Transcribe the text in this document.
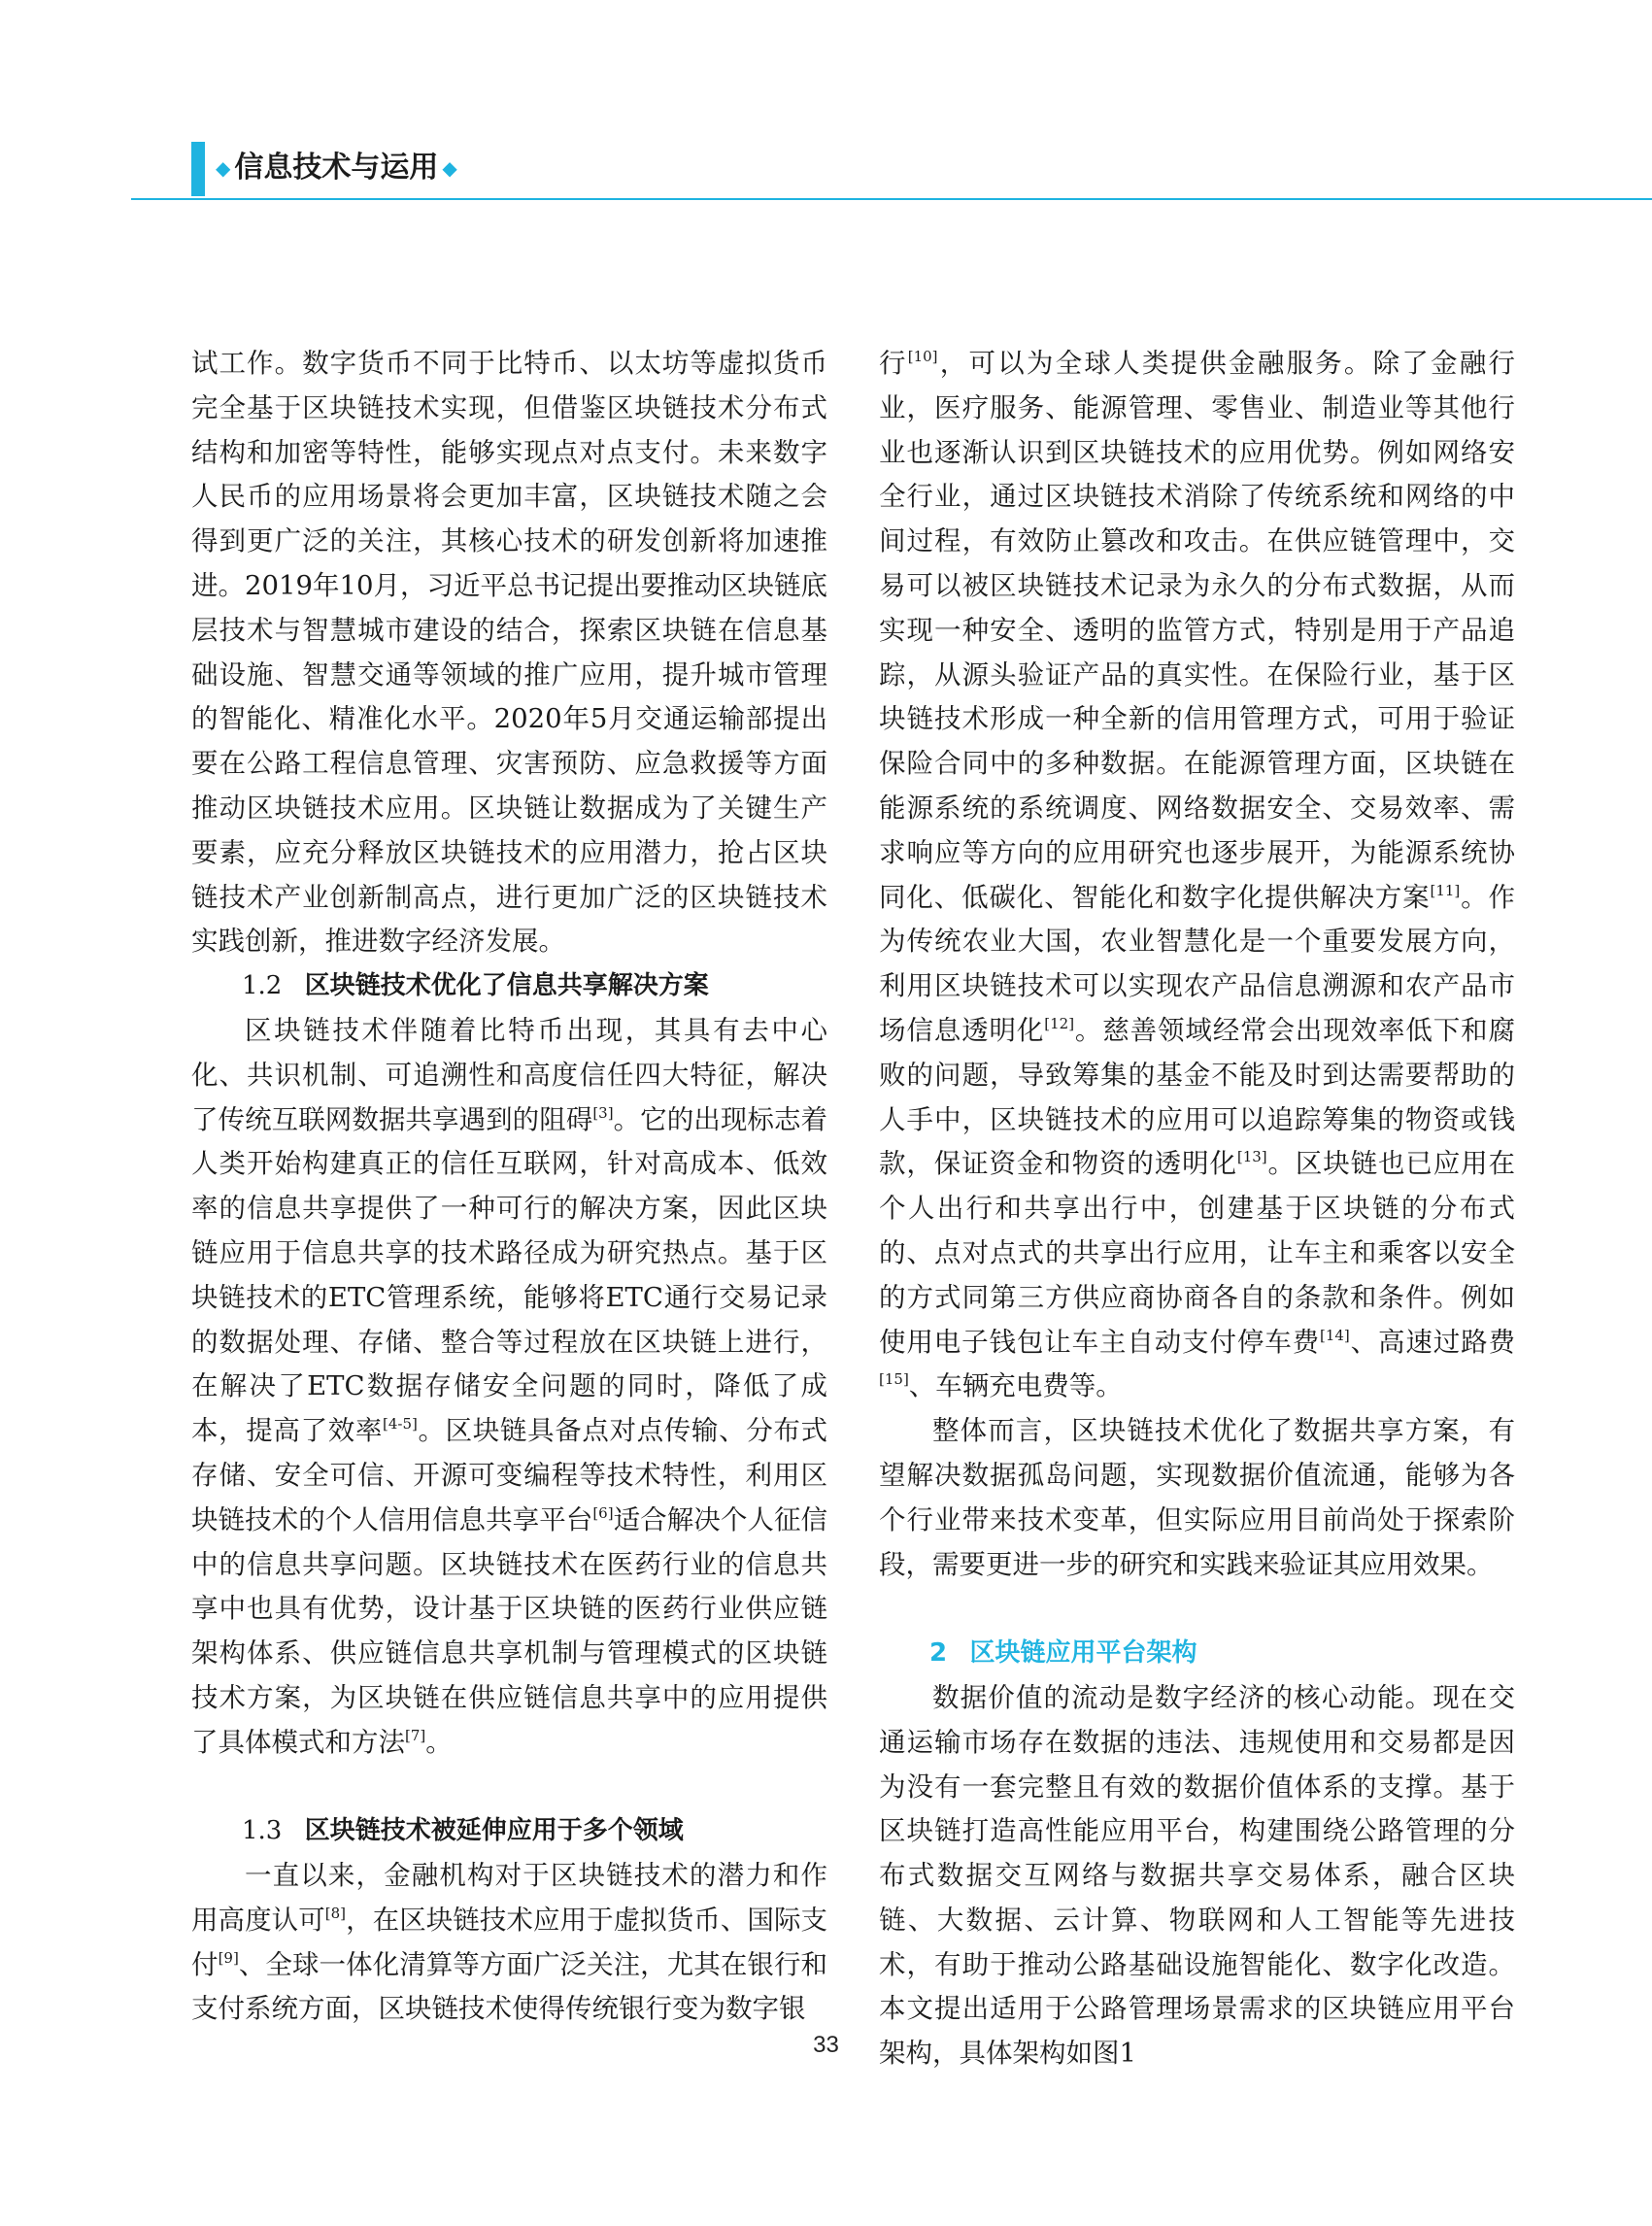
◆ 信息技术与运用 ◆

试工作。数字货币不同于比特币、以太坊等虚拟货币完全基于区块链技术实现，但借鉴区块链技术分布式结构和加密等特性，能够实现点对点支付。未来数字人民币的应用场景将会更加丰富，区块链技术随之会得到更广泛的关注，其核心技术的研发创新将加速推进。2019年10月，习近平总书记提出要推动区块链底层技术与智慧城市建设的结合，探索区块链在信息基础设施、智慧交通等领域的推广应用，提升城市管理的智能化、精准化水平。2020年5月交通运输部提出要在公路工程信息管理、灾害预防、应急救援等方面推动区块链技术应用。区块链让数据成为了关键生产要素，应充分释放区块链技术的应用潜力，抢占区块链技术产业创新制高点，进行更加广泛的区块链技术实践创新，推进数字经济发展。

1.2 区块链技术优化了信息共享解决方案

区块链技术伴随着比特币出现，其具有去中心化、共识机制、可追溯性和高度信任四大特征，解决了传统互联网数据共享遇到的阻碍[3]。它的出现标志着人类开始构建真正的信任互联网，针对高成本、低效率的信息共享提供了一种可行的解决方案，因此区块链应用于信息共享的技术路径成为研究热点。基于区块链技术的ETC管理系统，能够将ETC通行交易记录的数据处理、存储、整合等过程放在区块链上进行，在解决了ETC数据存储安全问题的同时，降低了成本，提高了效率[4-5]。区块链具备点对点传输、分布式存储、安全可信、开源可变编程等技术特性，利用区块链技术的个人信用信息共享平台[6]适合解决个人征信中的信息共享问题。区块链技术在医药行业的信息共享中也具有优势，设计基于区块链的医药行业供应链架构体系、供应链信息共享机制与管理模式的区块链技术方案，为区块链在供应链信息共享中的应用提供了具体模式和方法[7]。

1.3 区块链技术被延伸应用于多个领域

一直以来，金融机构对于区块链技术的潜力和作用高度认可[8]，在区块链技术应用于虚拟货币、国际支付[9]、全球一体化清算等方面广泛关注，尤其在银行和支付系统方面，区块链技术使得传统银行变为数字银

行[10]，可以为全球人类提供金融服务。除了金融行业，医疗服务、能源管理、零售业、制造业等其他行业也逐渐认识到区块链技术的应用优势。例如网络安全行业，通过区块链技术消除了传统系统和网络的中间过程，有效防止篡改和攻击。在供应链管理中，交易可以被区块链技术记录为永久的分布式数据，从而实现一种安全、透明的监管方式，特别是用于产品追踪，从源头验证产品的真实性。在保险行业，基于区块链技术形成一种全新的信用管理方式，可用于验证保险合同中的多种数据。在能源管理方面，区块链在能源系统的系统调度、网络数据安全、交易效率、需求响应等方向的应用研究也逐步展开，为能源系统协同化、低碳化、智能化和数字化提供解决方案[11]。作为传统农业大国，农业智慧化是一个重要发展方向，利用区块链技术可以实现农产品信息溯源和农产品市场信息透明化[12]。慈善领域经常会出现效率低下和腐败的问题，导致筹集的基金不能及时到达需要帮助的人手中，区块链技术的应用可以追踪筹集的物资或钱款，保证资金和物资的透明化[13]。区块链也已应用在个人出行和共享出行中，创建基于区块链的分布式的、点对点式的共享出行应用，让车主和乘客以安全的方式同第三方供应商协商各自的条款和条件。例如使用电子钱包让车主自动支付停车费[14]、高速过路费[15]、车辆充电费等。

整体而言，区块链技术优化了数据共享方案，有望解决数据孤岛问题，实现数据价值流通，能够为各个行业带来技术变革，但实际应用目前尚处于探索阶段，需要更进一步的研究和实践来验证其应用效果。

2 区块链应用平台架构

数据价值的流动是数字经济的核心动能。现在交通运输市场存在数据的违法、违规使用和交易都是因为没有一套完整且有效的数据价值体系的支撑。基于区块链打造高性能应用平台，构建围绕公路管理的分布式数据交互网络与数据共享交易体系，融合区块链、大数据、云计算、物联网和人工智能等先进技术，有助于推动公路基础设施智能化、数字化改造。本文提出适用于公路管理场景需求的区块链应用平台架构，具体架构如图1

33
